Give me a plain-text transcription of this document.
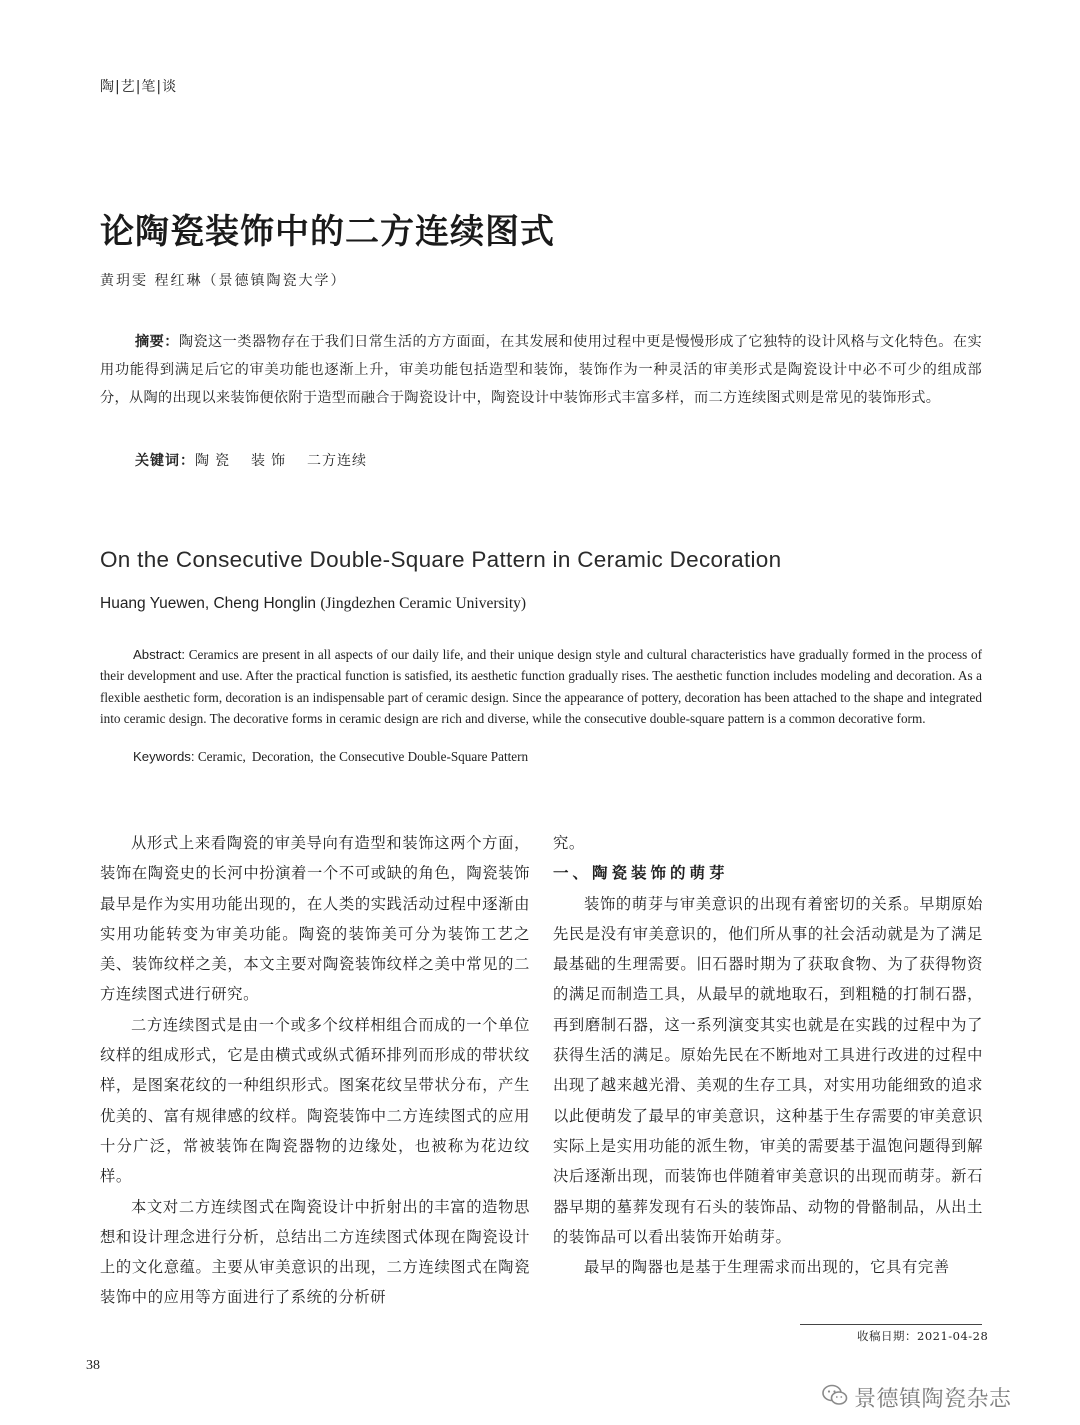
陶|艺|笔|谈
论陶瓷装饰中的二方连续图式
黄玥雯 程红琳（景德镇陶瓷大学）
摘要：陶瓷这一类器物存在于我们日常生活的方方面面，在其发展和使用过程中更是慢慢形成了它独特的设计风格与文化特色。在实用功能得到满足后它的审美功能也逐渐上升，审美功能包括造型和装饰，装饰作为一种灵活的审美形式是陶瓷设计中必不可少的组成部分，从陶的出现以来装饰便依附于造型而融合于陶瓷设计中，陶瓷设计中装饰形式丰富多样，而二方连续图式则是常见的装饰形式。
关键词：陶瓷 装饰 二方连续
On the Consecutive Double-Square Pattern in Ceramic Decoration
Huang Yuewen, Cheng Honglin (Jingdezhen Ceramic University)
Abstract: Ceramics are present in all aspects of our daily life, and their unique design style and cultural characteristics have gradually formed in the process of their development and use. After the practical function is satisfied, its aesthetic function gradually rises. The aesthetic function includes modeling and decoration. As a flexible aesthetic form, decoration is an indispensable part of ceramic design. Since the appearance of pottery, decoration has been attached to the shape and integrated into ceramic design. The decorative forms in ceramic design are rich and diverse, while the consecutive double-square pattern is a common decorative form.
Keywords: Ceramic, Decoration, the Consecutive Double-Square Pattern

从形式上来看陶瓷的审美导向有造型和装饰这两个方面，装饰在陶瓷史的长河中扮演着一个不可或缺的角色，陶瓷装饰最早是作为实用功能出现的，在人类的实践活动过程中逐渐由实用功能转变为审美功能。陶瓷的装饰美可分为装饰工艺之美、装饰纹样之美，本文主要对陶瓷装饰纹样之美中常见的二方连续图式进行研究。

二方连续图式是由一个或多个纹样相组合而成的一个单位纹样的组成形式，它是由横式或纵式循环排列而形成的带状纹样，是图案花纹的一种组织形式。图案花纹呈带状分布，产生优美的、富有规律感的纹样。陶瓷装饰中二方连续图式的应用十分广泛，常被装饰在陶瓷器物的边缘处，也被称为花边纹样。

本文对二方连续图式在陶瓷设计中折射出的丰富的造物思想和设计理念进行分析，总结出二方连续图式体现在陶瓷设计上的文化意蕴。主要从审美意识的出现，二方连续图式在陶瓷装饰中的应用等方面进行了系统的分析研

究。

一、陶瓷装饰的萌芽

装饰的萌芽与审美意识的出现有着密切的关系。早期原始先民是没有审美意识的，他们所从事的社会活动就是为了满足最基础的生理需要。旧石器时期为了获取食物、为了获得物资的满足而制造工具，从最早的就地取石，到粗糙的打制石器，再到磨制石器，这一系列演变其实也就是在实践的过程中为了获得生活的满足。原始先民在不断地对工具进行改进的过程中出现了越来越光滑、美观的生存工具，对实用功能细致的追求以此便萌发了最早的审美意识，这种基于生存需要的审美意识实际上是实用功能的派生物，审美的需要基于温饱问题得到解决后逐渐出现，而装饰也伴随着审美意识的出现而萌芽。新石器早期的墓葬发现有石头的装饰品、动物的骨骼制品，从出土的装饰品可以看出装饰开始萌芽。

最早的陶器也是基于生理需求而出现的，它具有完善

收稿日期：2021-04-28
38
景德镇陶瓷杂志
